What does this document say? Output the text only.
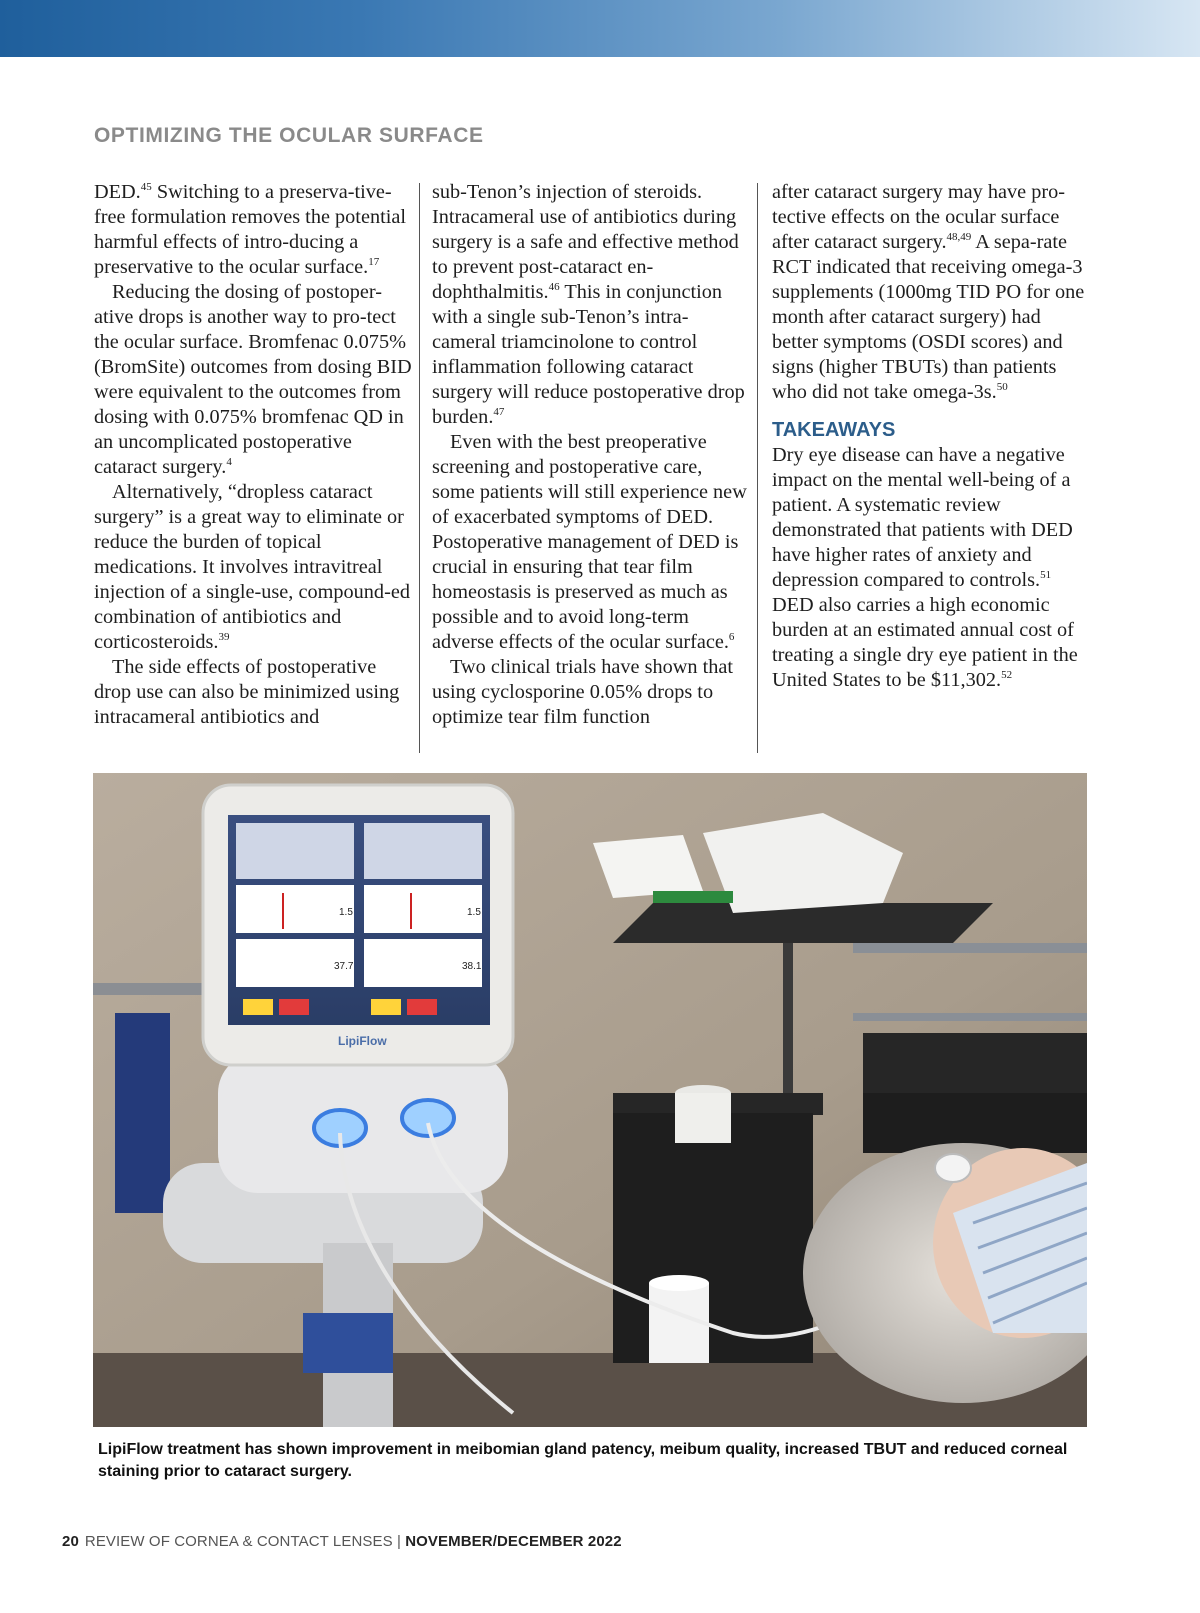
OPTIMIZING THE OCULAR SURFACE

DED.$^{45}$ Switching to a preserva-tive-free formulation removes the potential harmful effects of intro-ducing a preservative to the ocular surface.$^{17}$

Reducing the dosing of postoper-ative drops is another way to pro-tect the ocular surface. Bromfenac 0.075% (BromSite) outcomes from dosing BID were equivalent to the outcomes from dosing with 0.075% bromfenac QD in an uncomplicated postoperative cataract surgery.$^4$

Alternatively, “dropless cataract surgery” is a great way to eliminate or reduce the burden of topical medications. It involves intravitreal injection of a single-use, compound-ed combination of antibiotics and corticosteroids.$^{39}$

The side effects of postoperative drop use can also be minimized using intracameral antibiotics and

sub-Tenon’s injection of steroids. Intracameral use of antibiotics during surgery is a safe and effective method to prevent post-cataract en-dophthalmitis.$^{46}$ This in conjunction with a single sub-Tenon’s intra-cameral triamcinolone to control inflammation following cataract surgery will reduce postoperative drop burden.$^{47}$

Even with the best preoperative screening and postoperative care, some patients will still experience new of exacerbated symptoms of DED. Postoperative management of DED is crucial in ensuring that tear film homeostasis is preserved as much as possible and to avoid long-term adverse effects of the ocular surface.$^6$

Two clinical trials have shown that using cyclosporine 0.05% drops to optimize tear film function

after cataract surgery may have pro-tective effects on the ocular surface after cataract surgery.$^{48,49}$ A sepa-rate RCT indicated that receiving omega-3 supplements (1000mg TID PO for one month after cataract surgery) had better symptoms (OSDI scores) and signs (higher TBUTs) than patients who did not take omega-3s.$^{50}$

TAKEAWAYS

Dry eye disease can have a negative impact on the mental well-being of a patient. A systematic review demonstrated that patients with DED have higher rates of anxiety and depression compared to controls.$^{51}$ DED also carries a high economic burden at an estimated annual cost of treating a single dry eye patient in the United States to be $11,302.52

1.5	1.5
37.7	38.1
LipiFlow
LipiFlow treatment has shown improvement in meibomian gland patency, meibum quality, increased TBUT and reduced corneal staining prior to cataract surgery.
20 REVIEW OF CORNEA & CONTACT LENSES | NOVEMBER/DECEMBER 2022
